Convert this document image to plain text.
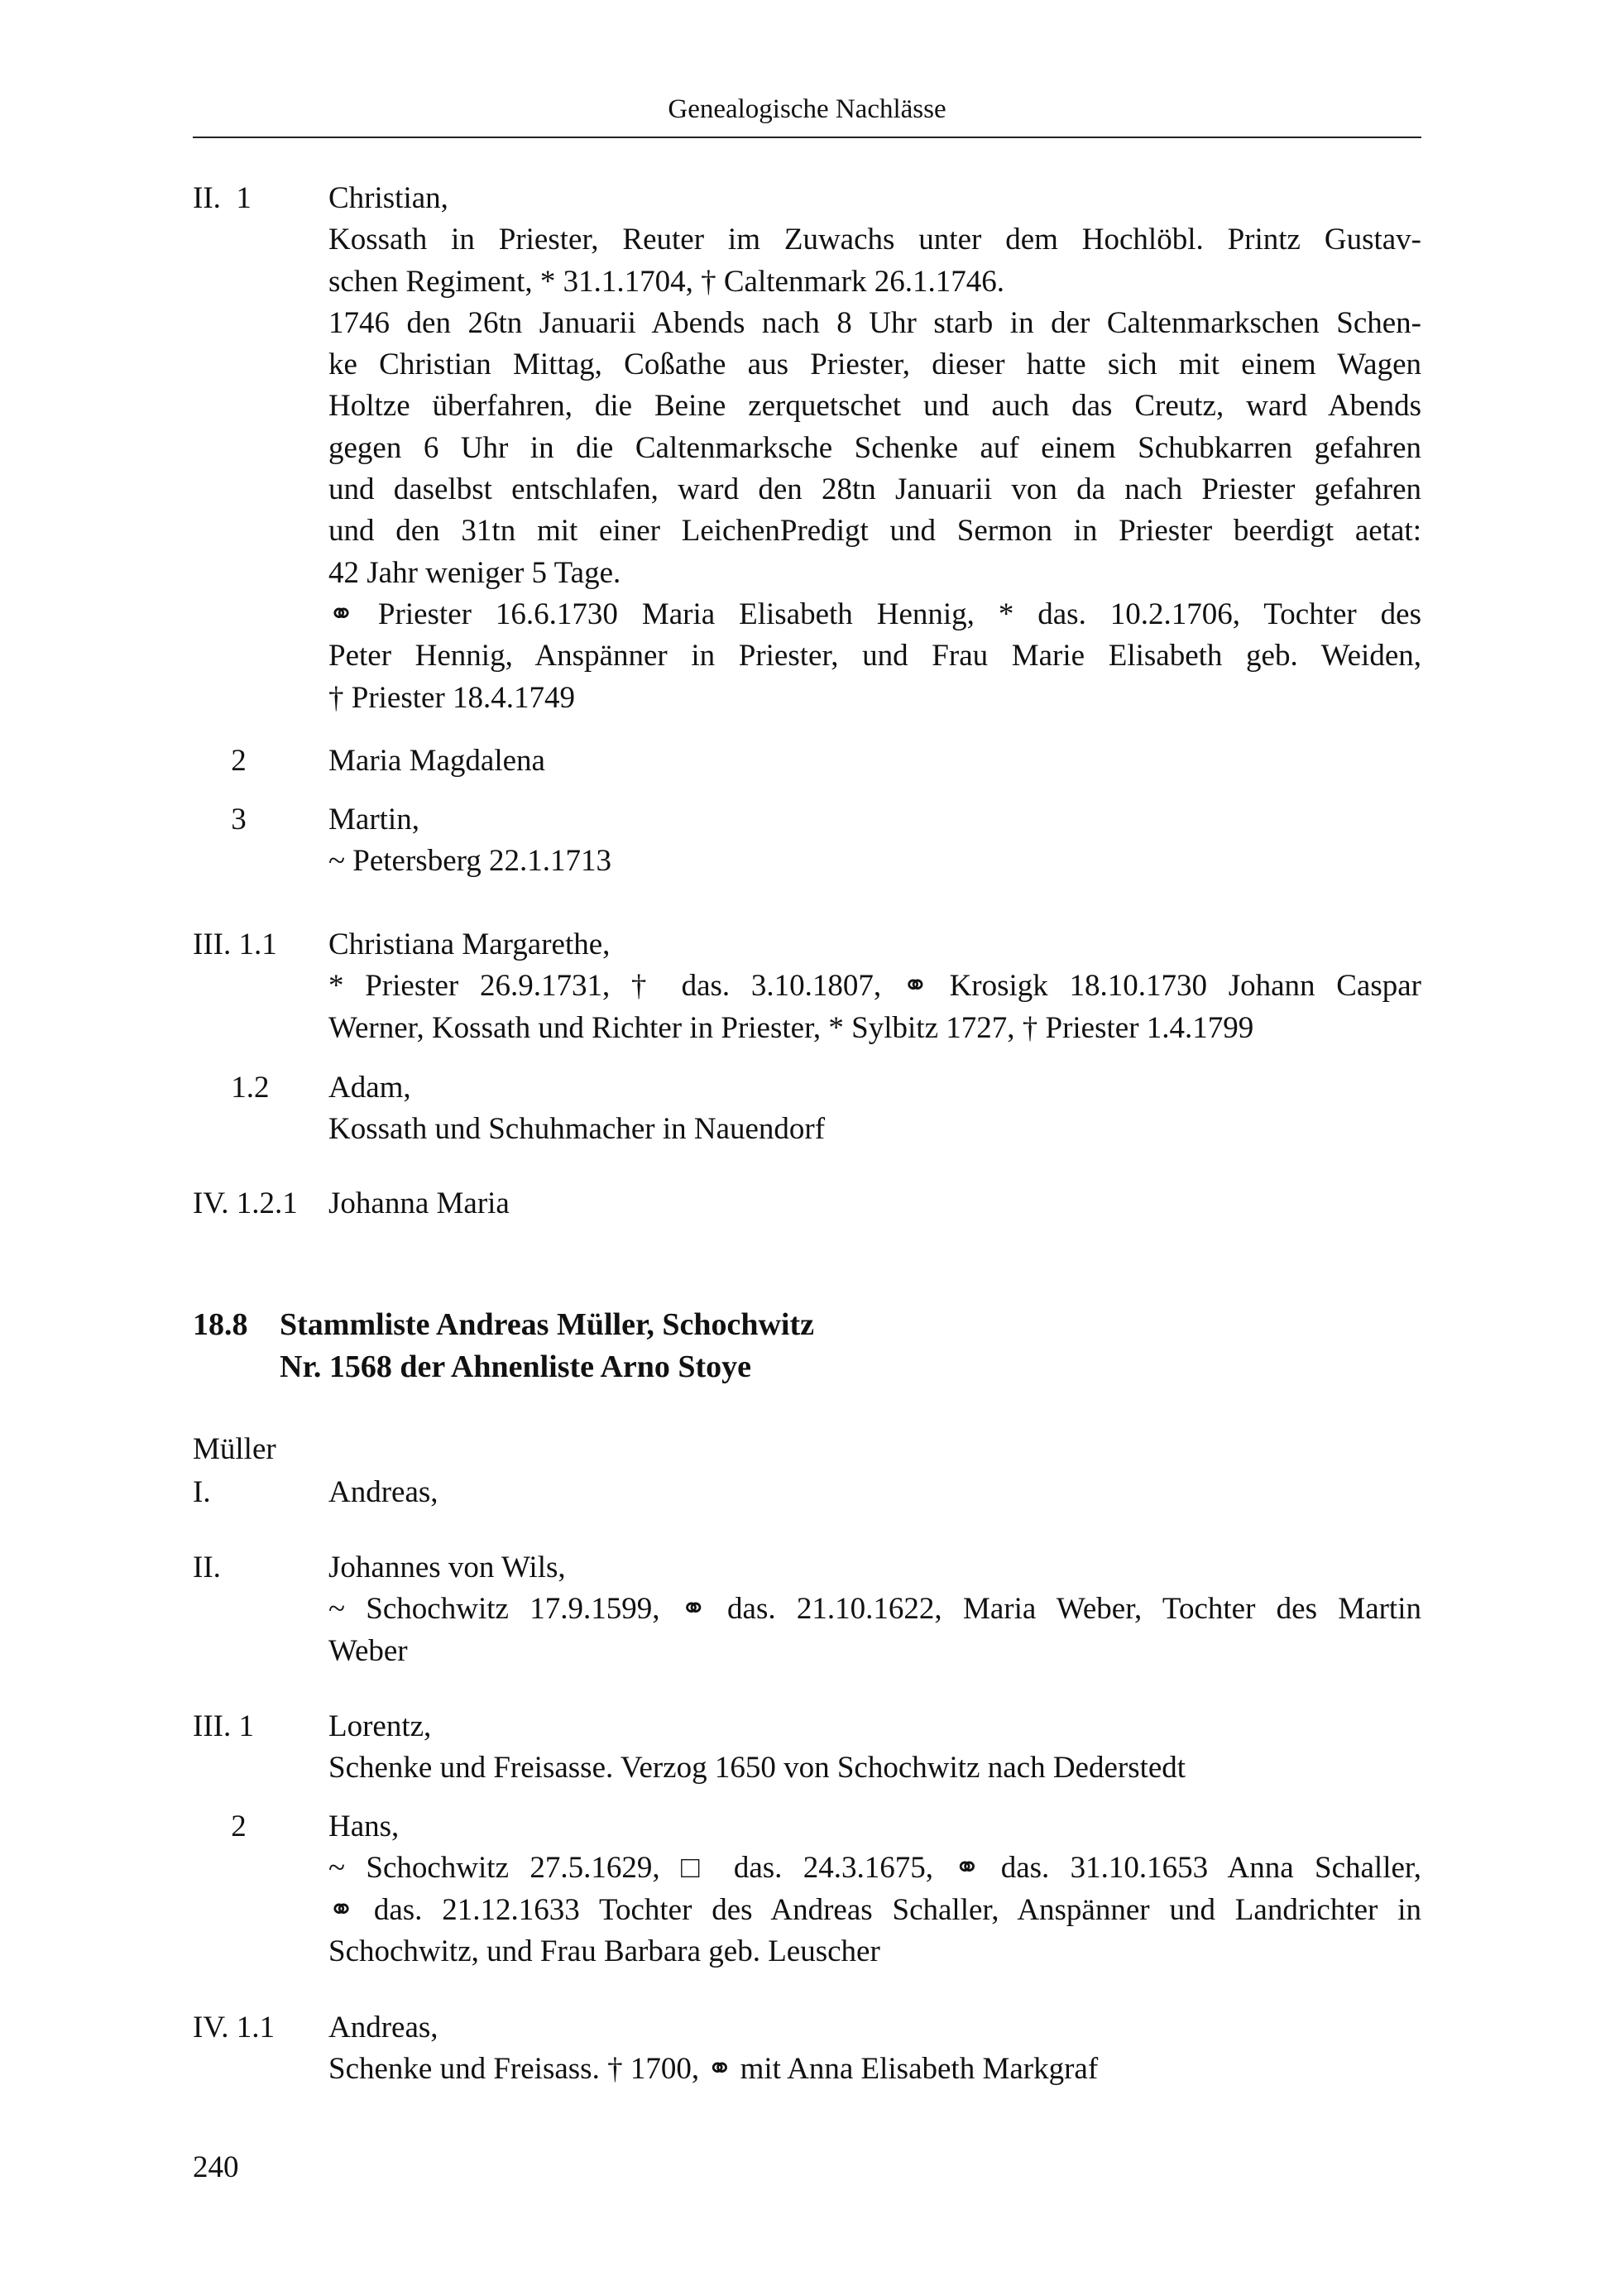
Genealogische Nachlässe
II.  1	Christian,
Kossath in Priester, Reuter im Zuwachs unter dem Hochlöbl. Printz Gustav-
schen Regiment, * 31.1.1704, † Caltenmark 26.1.1746.
1746 den 26tn Januarii Abends nach 8 Uhr starb in der Caltenmarkschen Schen-
ke Christian Mittag, Coßathe aus Priester, dieser hatte sich mit einem Wagen
Holtze überfahren, die Beine zerquetschet und auch das Creutz, ward Abends
gegen 6 Uhr in die Caltenmarksche Schenke auf einem Schubkarren gefahren
und daselbst entschlafen, ward den 28tn Januarii von da nach Priester gefahren
und den 31tn mit einer LeichenPredigt und Sermon in Priester beerdigt aetat:
42 Jahr weniger 5 Tage.
⚭ Priester 16.6.1730 Maria Elisabeth Hennig, * das. 10.2.1706, Tochter des
Peter Hennig, Anspänner in Priester, und Frau Marie Elisabeth geb. Weiden,
† Priester 18.4.1749
2	Maria Magdalena
3	Martin,
~ Petersberg 22.1.1713
III. 1.1 Christiana Margarethe,
* Priester 26.9.1731, † das. 3.10.1807, ⚭ Krosigk 18.10.1730 Johann Caspar
Werner, Kossath und Richter in Priester, * Sylbitz 1727, † Priester 1.4.1799
1.2 Adam,
Kossath und Schuhmacher in Nauendorf
IV. 1.2.1 Johanna Maria
18.8 Stammliste Andreas Müller, Schochwitz
Nr. 1568 der Ahnenliste Arno Stoye
Müller
I.	Andreas,
II.	Johannes von Wils,
~ Schochwitz 17.9.1599, ⚭ das. 21.10.1622, Maria Weber, Tochter des Martin
Weber
III. 1 Lorentz,
Schenke und Freisasse. Verzog 1650 von Schochwitz nach Dederstedt
2	Hans,
~ Schochwitz 27.5.1629, □ das. 24.3.1675, ⚭ das. 31.10.1653 Anna Schaller,
⚭ das. 21.12.1633 Tochter des Andreas Schaller, Anspänner und Landrichter in
Schochwitz, und Frau Barbara geb. Leuscher
IV. 1.1 Andreas,
Schenke und Freisass. † 1700, ⚭ mit Anna Elisabeth Markgraf
240
